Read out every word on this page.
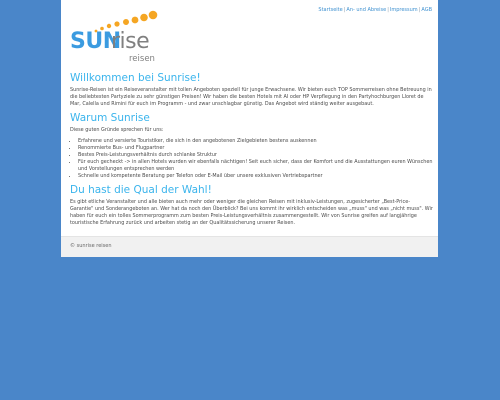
Startseite|An- und Abreise|Impressum|AGB
SUN
rise
reisen
Willkommen bei Sunrise!

Sunrise-Reisen ist ein Reiseveranstalter mit tollen Angeboten speziell für junge Erwachsene. Wir bieten euch TOP Sommerreisen ohne Betreuung in die beliebtesten Partyziele zu sehr günstigen Preisen! Wir haben die besten Hotels mit AI oder HP Verpflegung in den Partyhochburgen Lloret de Mar, Calella und Rimini für euch im Programm - und zwar unschlagbar günstig. Das Angebot wird ständig weiter ausgebaut.

Warum Sunrise

Diese guten Gründe sprechen für uns:

• Erfahrene und versierte Touristiker, die sich in den angebotenen Zielgebieten bestens auskennen
• Renommierte Bus- und Flugpartner
• Bestes Preis-Leistungsverhältnis durch schlanke Struktur
• Für euch gecheckt -> in allen Hotels wurden wir ebenfalls nächtigen! Seit euch sicher, dass der Komfort und die Ausstattungen euren Wünschen und Vorstellungen entsprechen werden
• Schnelle und kompetente Beratung per Telefon oder E-Mail über unsere exklusiven Vertriebspartner
Du hast die Qual der Wahl!

Es gibt etliche Veranstalter und alle bieten auch mehr oder weniger die gleichen Reisen mit inklusiv-Leistungen, zugesicherter „Best-Price-Garantie" und Sonderangeboten an. Wer hat da noch den Überblick? Bei uns kommt ihr wirklich entscheiden was „muss" und was „nicht muss". Wir haben für euch ein tolles Sommerprogramm zum besten Preis-Leistungsverhältnis zusammengestellt. Wir von Sunrise greifen auf langjährige touristische Erfahrung zurück und arbeiten stetig an der Qualitätssicherung unserer Reisen.

© sunrise reisen
